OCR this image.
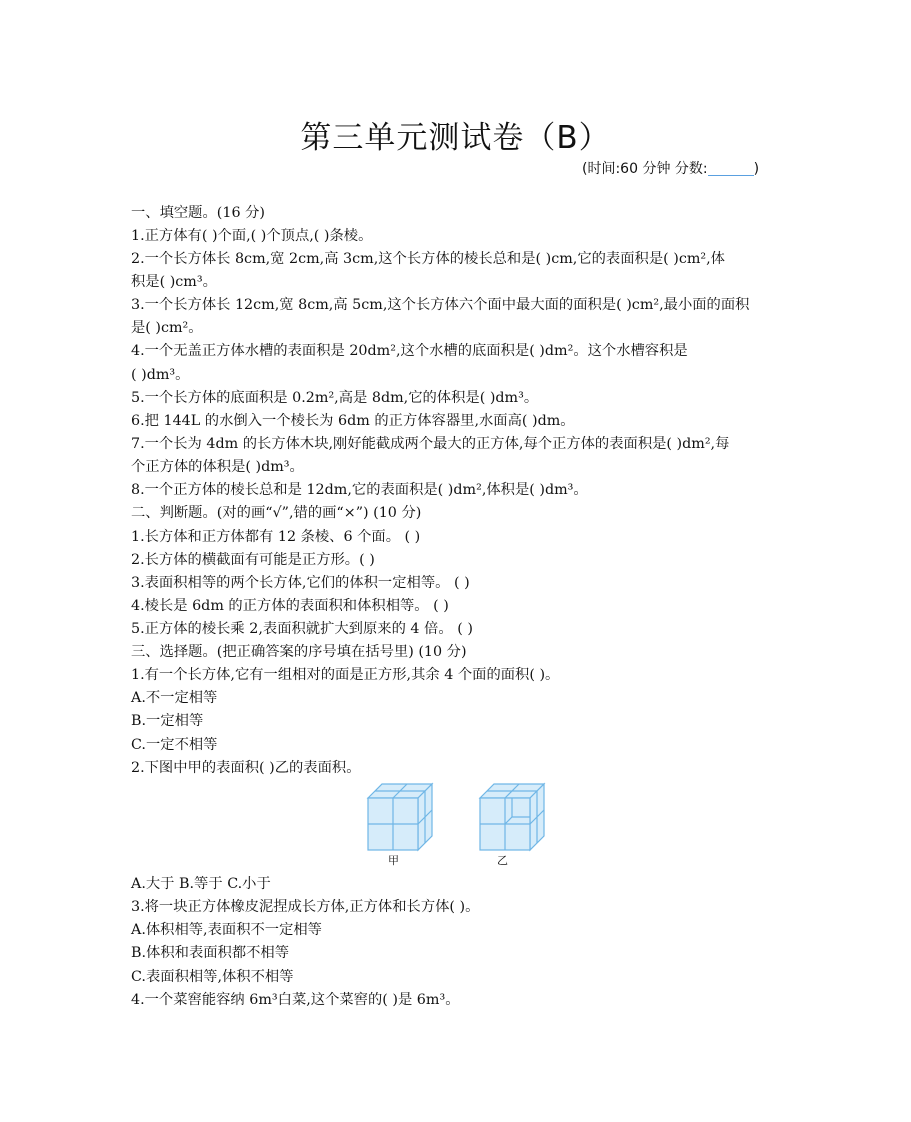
第三单元测试卷（B）
(时间:60 分钟 分数:	)
一、填空题。(16 分)
1.正方体有( )个面,( )个顶点,( )条棱。
2.一个长方体长 8cm,宽 2cm,高 3cm,这个长方体的棱长总和是( )cm,它的表面积是( )cm²,体
积是( )cm³。
3.一个长方体长 12cm,宽 8cm,高 5cm,这个长方体六个面中最大面的面积是( )cm²,最小面的面积
是( )cm²。
4.一个无盖正方体水槽的表面积是 20dm²,这个水槽的底面积是( )dm²。这个水槽容积是
( )dm³。
5.一个长方体的底面积是 0.2m²,高是 8dm,它的体积是( )dm³。
6.把 144L 的水倒入一个棱长为 6dm 的正方体容器里,水面高( )dm。
7.一个长为 4dm 的长方体木块,刚好能截成两个最大的正方体,每个正方体的表面积是( )dm²,每
个正方体的体积是( )dm³。
8.一个正方体的棱长总和是 12dm,它的表面积是( )dm²,体积是( )dm³。
二、判断题。(对的画“√”,错的画“×”) (10 分)
1.长方体和正方体都有 12 条棱、6 个面。 ( )
2.长方体的横截面有可能是正方形。( )
3.表面积相等的两个长方体,它们的体积一定相等。 ( )
4.棱长是 6dm 的正方体的表面积和体积相等。 ( )
5.正方体的棱长乘 2,表面积就扩大到原来的 4 倍。 ( )
三、选择题。(把正确答案的序号填在括号里) (10 分)
1.有一个长方体,它有一组相对的面是正方形,其余 4 个面的面积( )。
A.不一定相等
B.一定相等
C.一定不相等
2.下图中甲的表面积( )乙的表面积。
甲	乙
A.大于 B.等于 C.小于
3.将一块正方体橡皮泥捏成长方体,正方体和长方体( )。
A.体积相等,表面积不一定相等
B.体积和表面积都不相等
C.表面积相等,体积不相等
4.一个菜窖能容纳 6m³白菜,这个菜窖的( )是 6m³。
